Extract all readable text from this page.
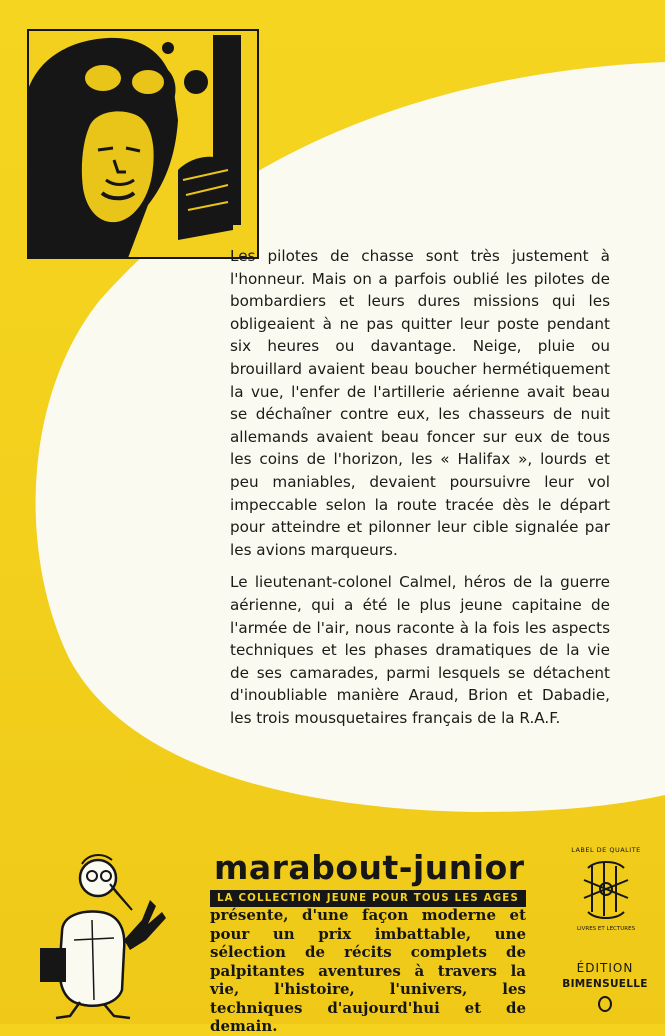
Les pilotes de chasse sont très justement à l'honneur. Mais on a parfois oublié les pilotes de bombardiers et leurs dures missions qui les obligeaient à ne pas quitter leur poste pendant six heures ou davantage. Neige, pluie ou brouillard avaient beau boucher hermétiquement la vue, l'enfer de l'artillerie aérienne avait beau se déchaîner contre eux, les chasseurs de nuit allemands avaient beau foncer sur eux de tous les coins de l'horizon, les « Halifax », lourds et peu maniables, devaient poursuivre leur vol impeccable selon la route tracée dès le départ pour atteindre et pilonner leur cible signalée par les avions marqueurs.

Le lieutenant-colonel Calmel, héros de la guerre aérienne, qui a été le plus jeune capitaine de l'armée de l'air, nous raconte à la fois les aspects techniques et les phases dramatiques de la vie de ses camarades, parmi lesquels se détachent d'inoubliable manière Araud, Brion et Dabadie, les trois mousquetaires français de la R.A.F.

marabout-junior
LA COLLECTION JEUNE POUR TOUS LES AGES
présente, d'une façon moderne et pour un prix imbattable, une sélection de récits complets de palpitantes aventures à travers la vie, l'histoire, l'univers, les techniques d'aujourd'hui et de demain.
LABEL DE QUALITE
LIVRES ET LECTURES
ÉDITION
BIMENSUELLE
